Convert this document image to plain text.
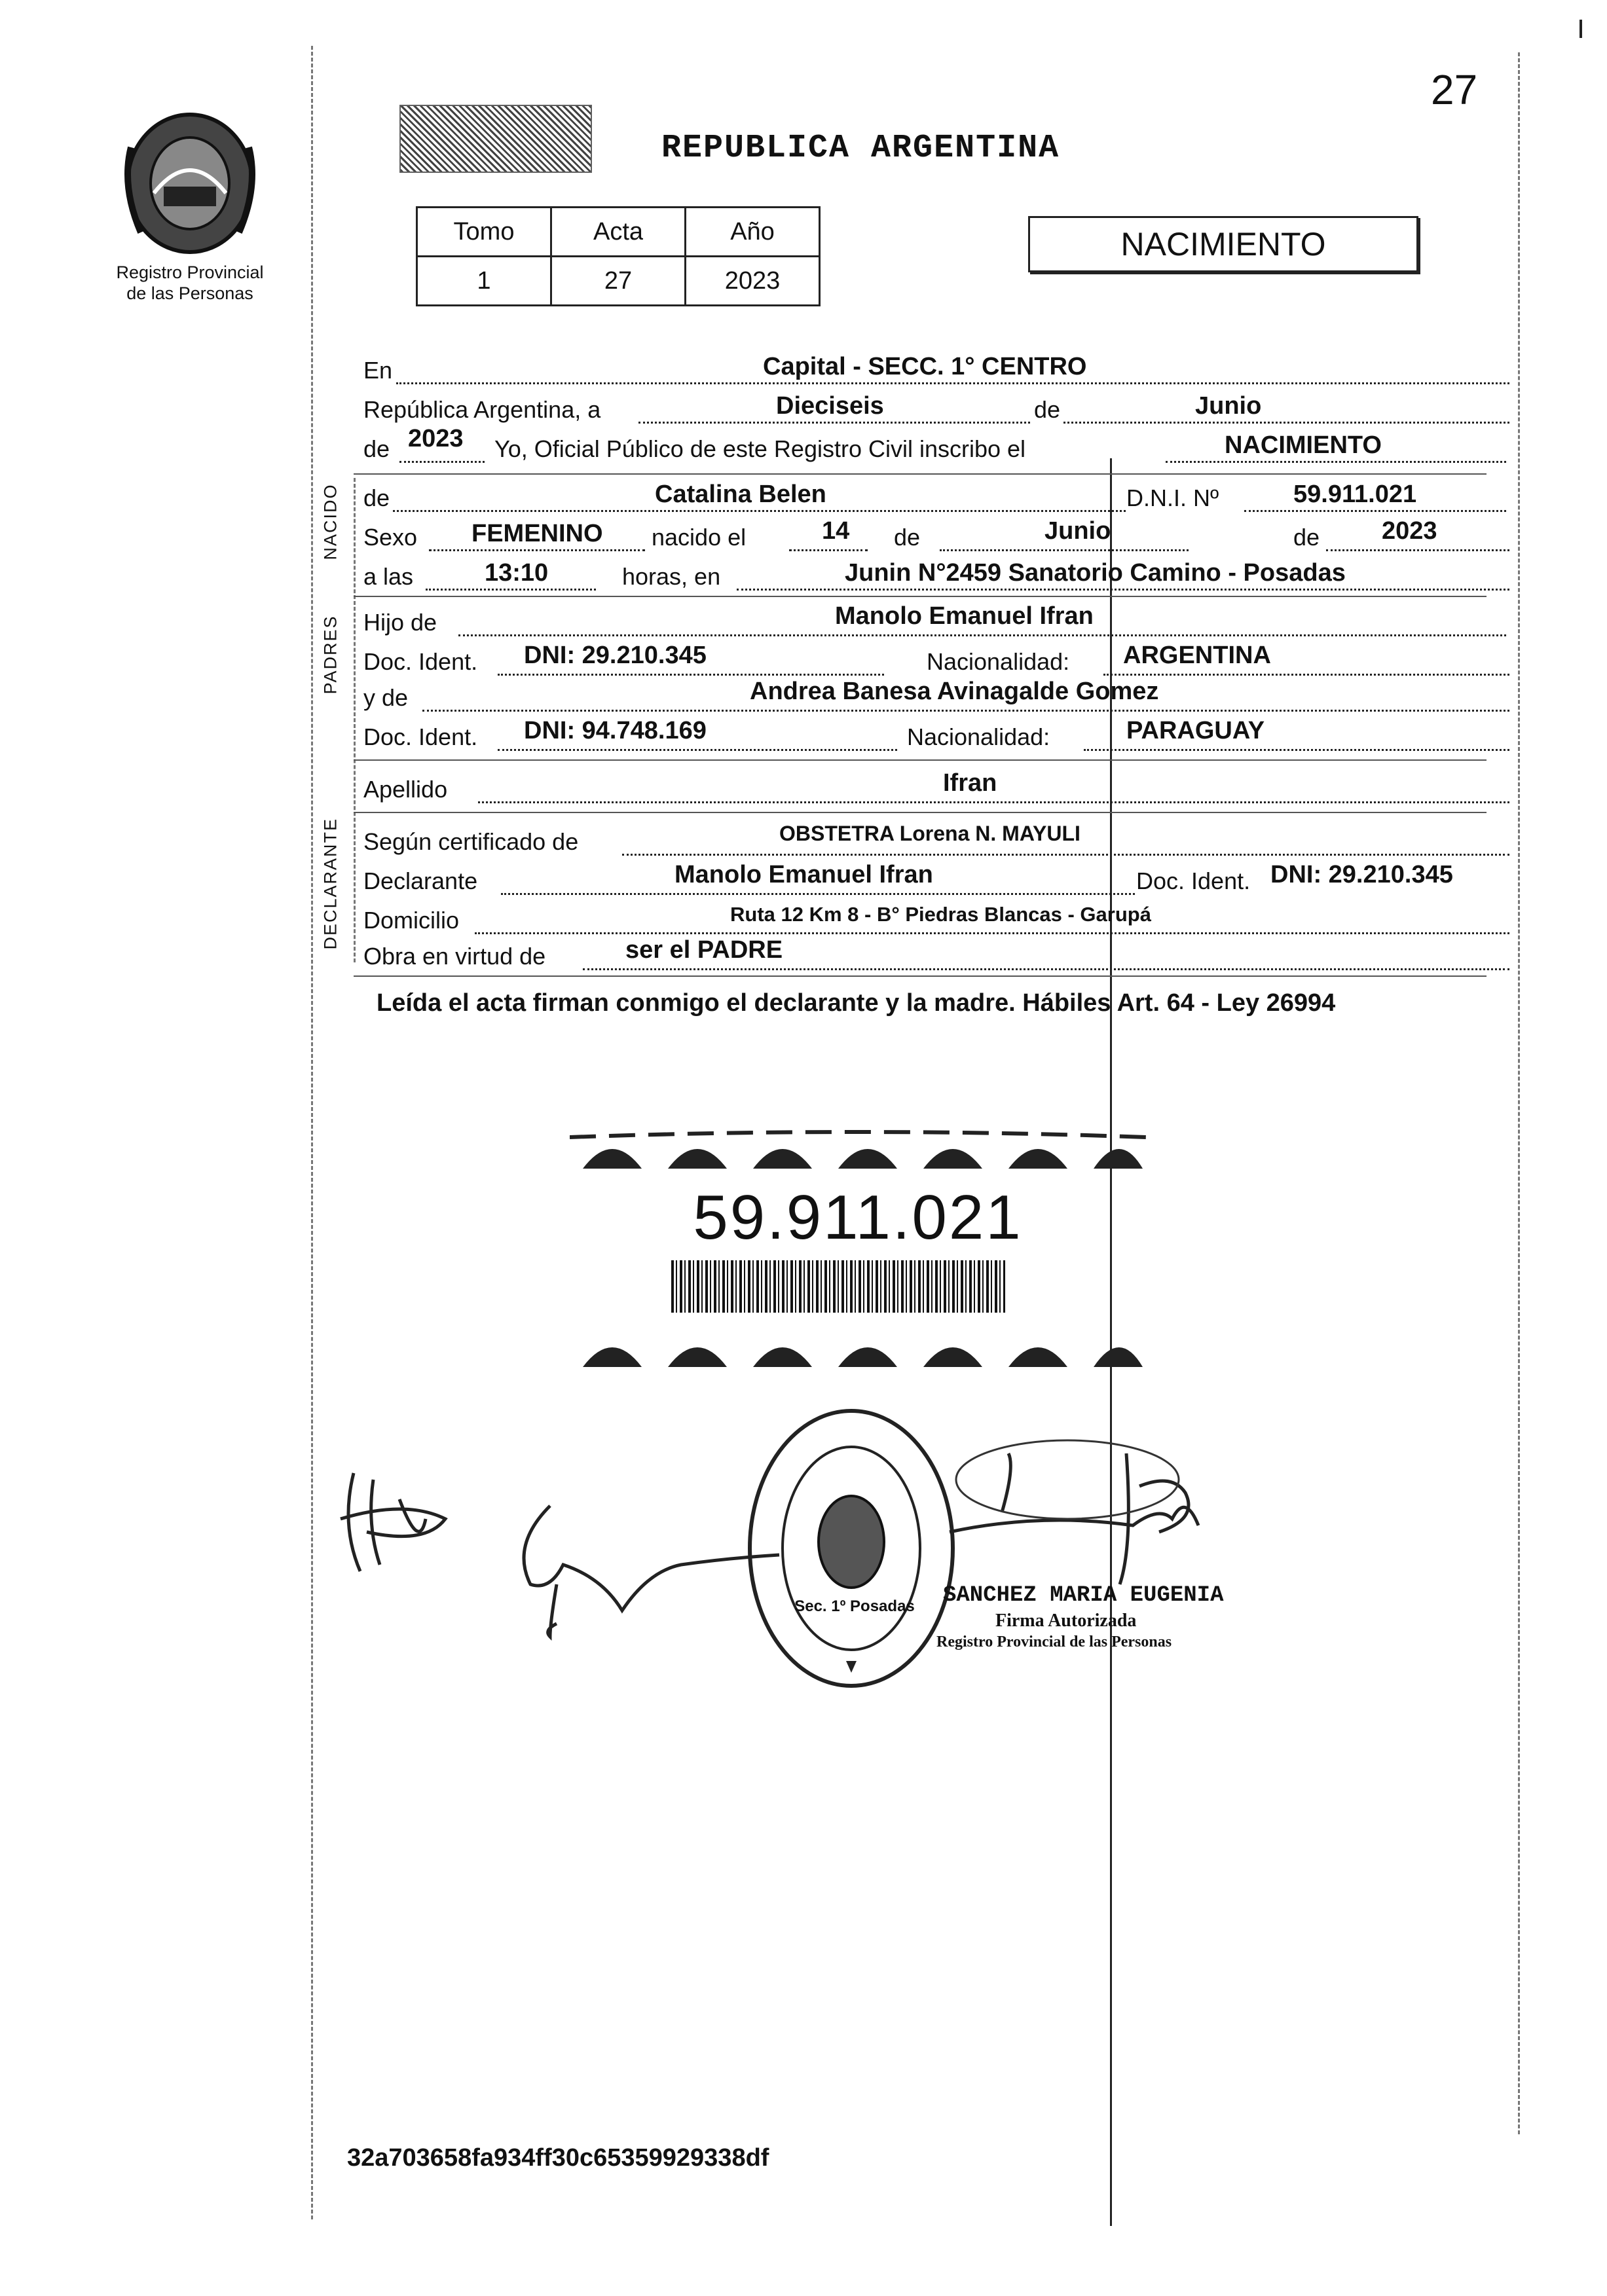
27
Registro Provincial
de las Personas
REPUBLICA ARGENTINA
Tomo	Acta	Año
1	27	2023
NACIMIENTO
NACIDO
PADRES
DECLARANTE
En	Capital - SECC. 1° CENTRO
República Argentina, a	Dieciseis	de	Junio
de 2023 Yo, Oficial Público de este Registro Civil inscribo el	NACIMIENTO
de	Catalina Belen	D.N.I. Nº	59.911.021
Sexo FEMENINO nacido el	14 de	Junio	de 2023
a las	13:10	horas, en	Junin N°2459 Sanatorio Camino - Posadas
Hijo de	Manolo Emanuel Ifran
Doc. Ident. DNI: 29.210.345	Nacionalidad: ARGENTINA
y de	Andrea Banesa Avinagalde Gomez
Doc. Ident. DNI: 94.748.169	Nacionalidad:	PARAGUAY
Apellido	Ifran
Según certificado de	OBSTETRA Lorena N. MAYULI
Declarante	Manolo Emanuel Ifran	Doc. Ident. DNI: 29.210.345
Domicilio	Ruta 12 Km 8 - B° Piedras Blancas - Garupá
Obra en virtud de	ser el PADRE
Leída el acta firman conmigo el declarante y la madre. Hábiles Art. 64 - Ley 26994
59.911.021
Sec. 1º Posadas	SANCHEZ MARIA EUGENIA
Firma Autorizada
Registro Provincial de las Personas
32a703658fa934ff30c65359929338df
